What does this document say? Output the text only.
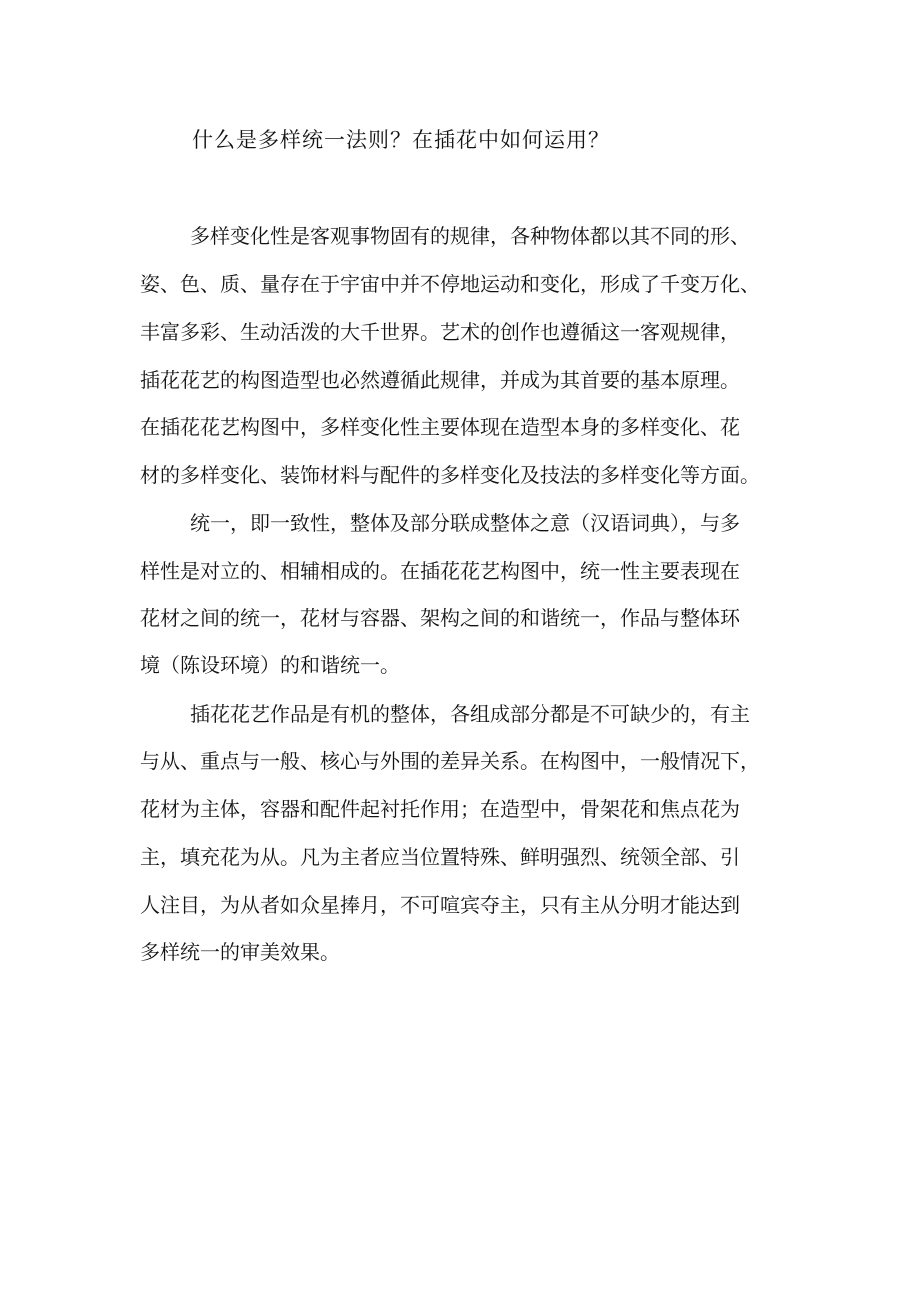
什么是多样统一法则？在插花中如何运用？

多样变化性是客观事物固有的规律，各种物体都以其不同的形、

姿、色、质、量存在于宇宙中并不停地运动和变化，形成了千变万化、

丰富多彩、生动活泼的大千世界。艺术的创作也遵循这一客观规律，

插花花艺的构图造型也必然遵循此规律，并成为其首要的基本原理。

在插花花艺构图中，多样变化性主要体现在造型本身的多样变化、花

材的多样变化、装饰材料与配件的多样变化及技法的多样变化等方面。

统一，即一致性，整体及部分联成整体之意（汉语词典），与多

样性是对立的、相辅相成的。在插花花艺构图中，统一性主要表现在

花材之间的统一，花材与容器、架构之间的和谐统一，作品与整体环

境（陈设环境）的和谐统一。

插花花艺作品是有机的整体，各组成部分都是不可缺少的，有主

与从、重点与一般、核心与外围的差异关系。在构图中，一般情况下，

花材为主体，容器和配件起衬托作用；在造型中，骨架花和焦点花为

主，填充花为从。凡为主者应当位置特殊、鲜明强烈、统领全部、引

人注目，为从者如众星捧月，不可喧宾夺主，只有主从分明才能达到

多样统一的审美效果。
